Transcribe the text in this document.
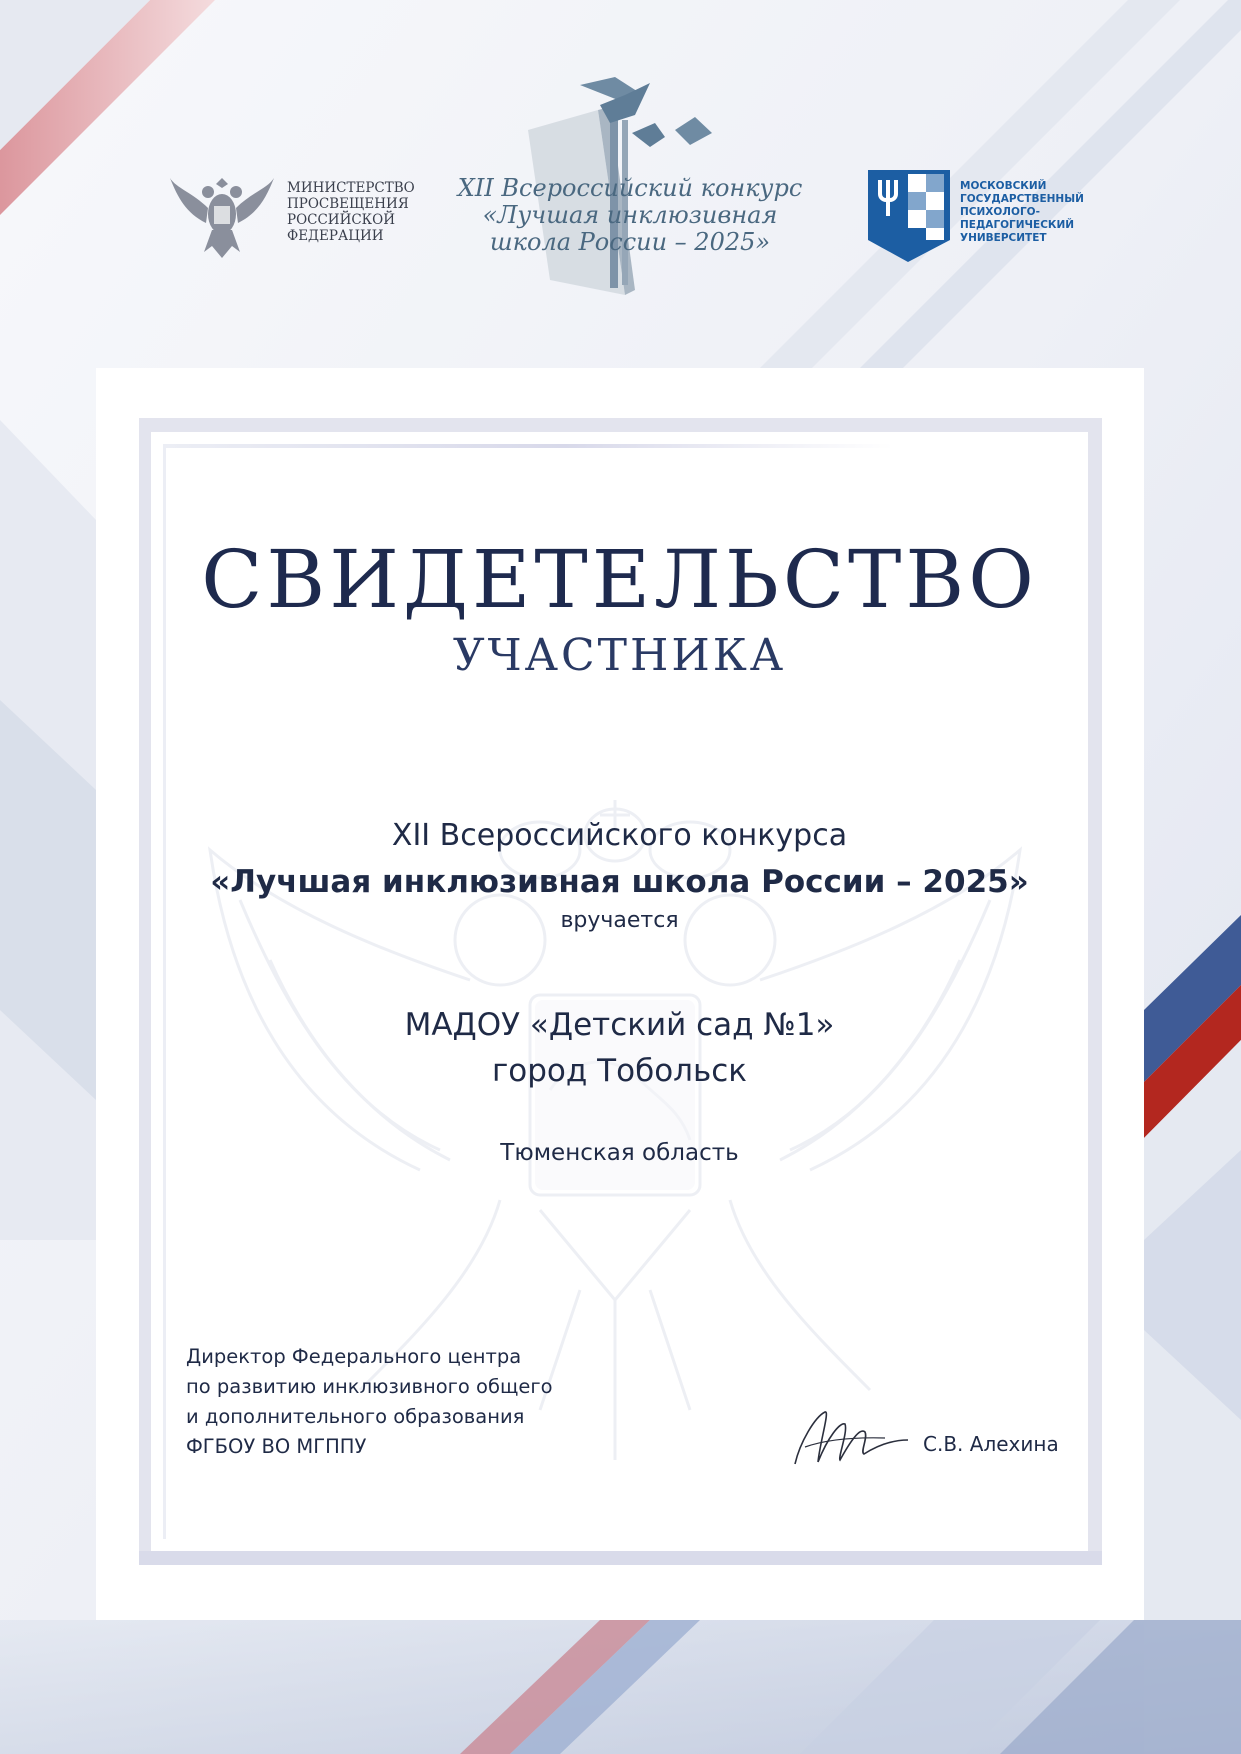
МИНИСТЕРСТВО
ПРОСВЕЩЕНИЯ
РОССИЙСКОЙ
ФЕДЕРАЦИИ
XII Всероссийский конкурс
«Лучшая инклюзивная
школа России – 2025»
МОСКОВСКИЙ
ГОСУДАРСТВЕННЫЙ
ПСИХОЛОГО-
ПЕДАГОГИЧЕСКИЙ
УНИВЕРСИТЕТ
СВИДЕТЕЛЬСТВО
УЧАСТНИКА
XII Всероссийского конкурса
«Лучшая инклюзивная школа России – 2025»
вручается
МАДОУ «Детский сад №1»
город Тобольск
Тюменская область
Директор Федерального центра
по развитию инклюзивного общего
и дополнительного образования
ФГБОУ ВО МГППУ	С.В. Алехина
